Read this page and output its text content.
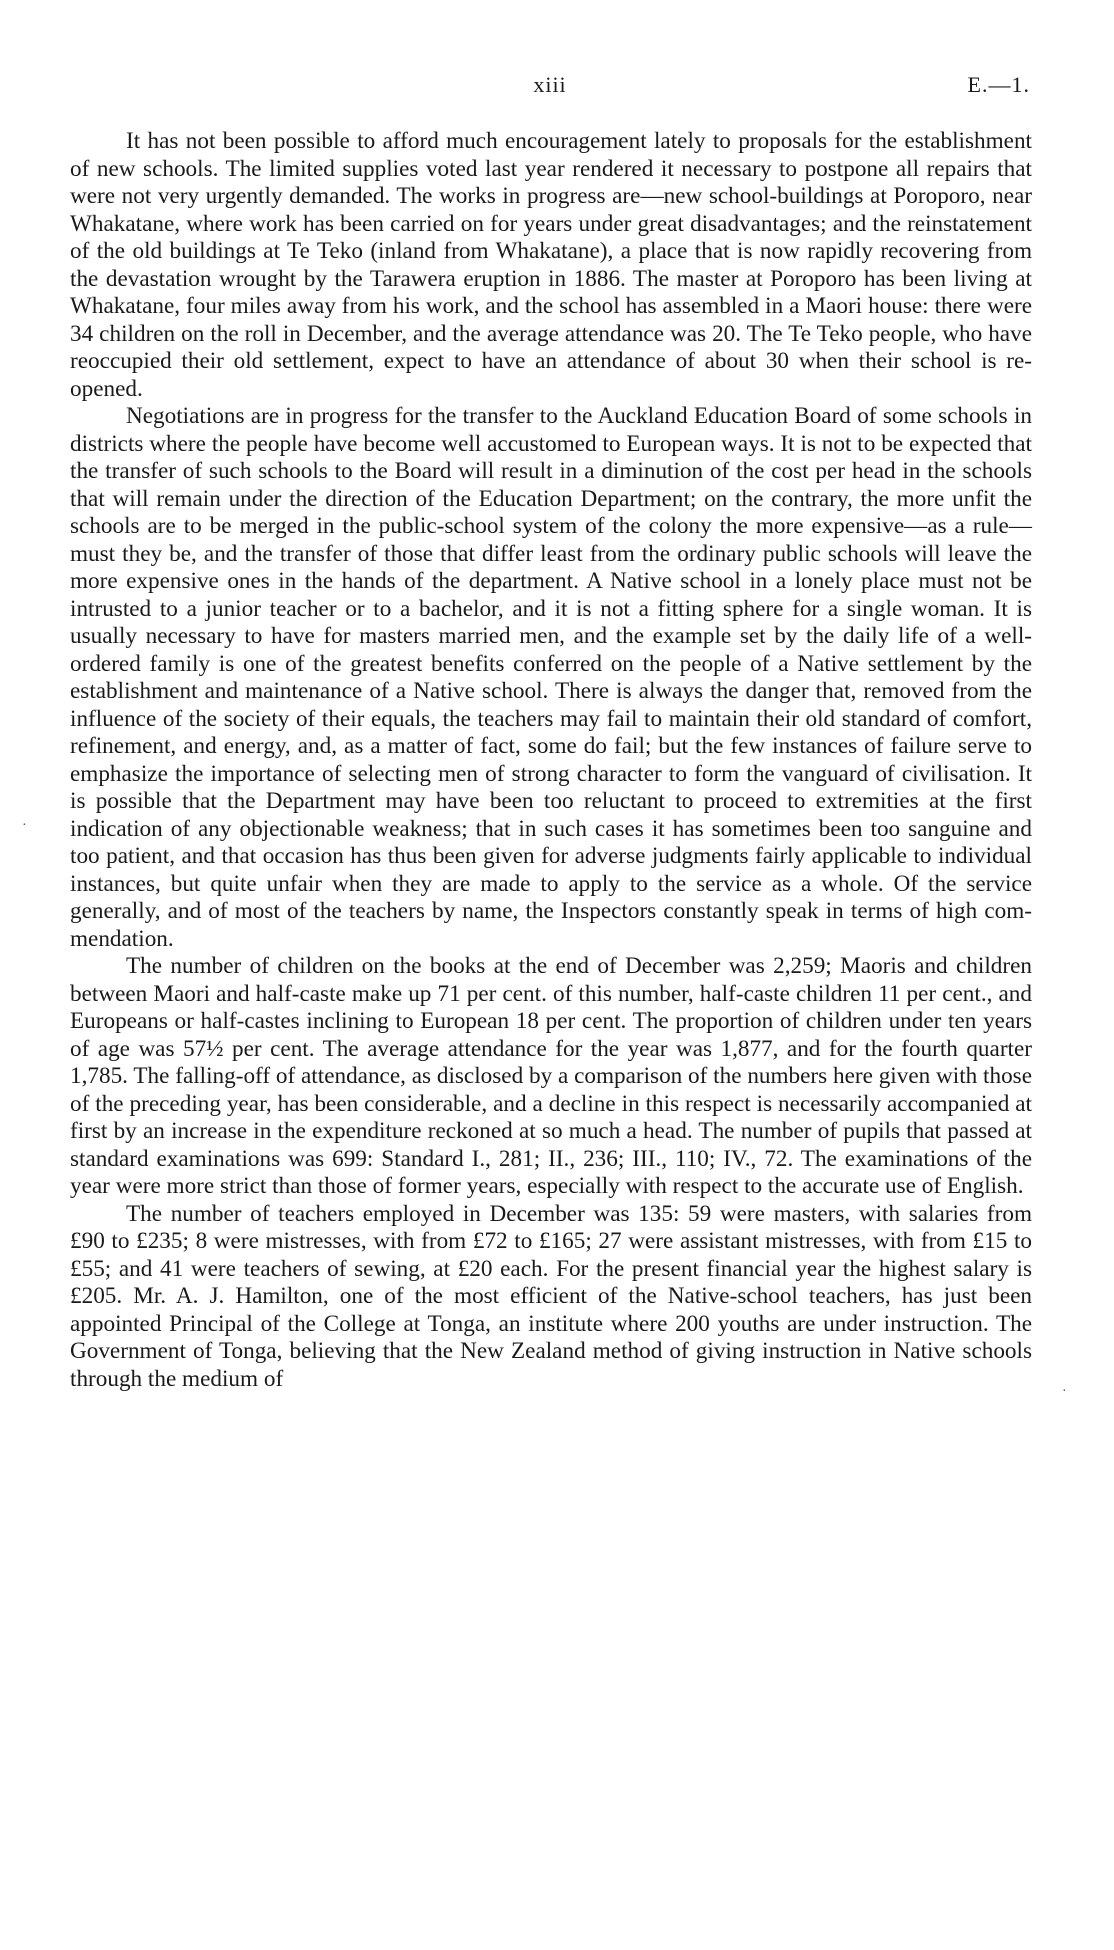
xiii	E.—1.

It has not been possible to afford much encouragement lately to proposals for the establishment of new schools. The limited supplies voted last year rendered it necessary to postpone all repairs that were not very urgently demanded. The works in progress are—new school-buildings at Poroporo, near Whakatane, where work has been carried on for years under great disadvantages; and the reinstatement of the old buildings at Te Teko (inland from Whakatane), a place that is now rapidly recovering from the devastation wrought by the Tarawera eruption in 1886. The master at Poroporo has been living at Whakatane, four miles away from his work, and the school has assembled in a Maori house: there were 34 children on the roll in December, and the average attendance was 20. The Te Teko people, who have reoccupied their old settlement, expect to have an attendance of about 30 when their school is reopened.

Negotiations are in progress for the transfer to the Auckland Education Board of some schools in districts where the people have become well accustomed to European ways. It is not to be expected that the transfer of such schools to the Board will result in a diminution of the cost per head in the schools that will remain under the direction of the Education Department; on the contrary, the more unfit the schools are to be merged in the public-school system of the colony the more expensive—as a rule—must they be, and the transfer of those that differ least from the ordinary public schools will leave the more expensive ones in the hands of the department. A Native school in a lonely place must not be intrusted to a junior teacher or to a bachelor, and it is not a fitting sphere for a single woman. It is usually necessary to have for masters married men, and the example set by the daily life of a well-ordered family is one of the greatest benefits conferred on the people of a Native settlement by the establishment and maintenance of a Native school. There is always the danger that, removed from the influence of the society of their equals, the teachers may fail to maintain their old standard of comfort, refinement, and energy, and, as a matter of fact, some do fail; but the few instances of failure serve to emphasize the importance of selecting men of strong character to form the vanguard of civilisation. It is possible that the Department may have been too reluctant to proceed to extremities at the first indication of any objectionable weakness; that in such cases it has sometimes been too sanguine and too patient, and that occasion has thus been given for adverse judgments fairly applicable to individual instances, but quite unfair when they are made to apply to the service as a whole. Of the service generally, and of most of the teachers by name, the Inspectors constantly speak in terms of high commendation.

The number of children on the books at the end of December was 2,259; Maoris and children between Maori and half-caste make up 71 per cent. of this number, half-caste children 11 per cent., and Europeans or half-castes inclining to European 18 per cent. The proportion of children under ten years of age was 57½ per cent. The average attendance for the year was 1,877, and for the fourth quarter 1,785. The falling-off of attendance, as disclosed by a comparison of the numbers here given with those of the preceding year, has been considerable, and a decline in this respect is necessarily accompanied at first by an increase in the expenditure reckoned at so much a head. The number of pupils that passed at standard examinations was 699: Standard I., 281; II., 236; III., 110; IV., 72. The examinations of the year were more strict than those of former years, especially with respect to the accurate use of English.

The number of teachers employed in December was 135: 59 were masters, with salaries from £90 to £235; 8 were mistresses, with from £72 to £165; 27 were assistant mistresses, with from £15 to £55; and 41 were teachers of sewing, at £20 each. For the present financial year the highest salary is £205. Mr. A. J. Hamilton, one of the most efficient of the Native-school teachers, has just been appointed Principal of the College at Tonga, an institute where 200 youths are under instruction. The Government of Tonga, believing that the New Zealand method of giving instruction in Native schools through the medium of

·
·
